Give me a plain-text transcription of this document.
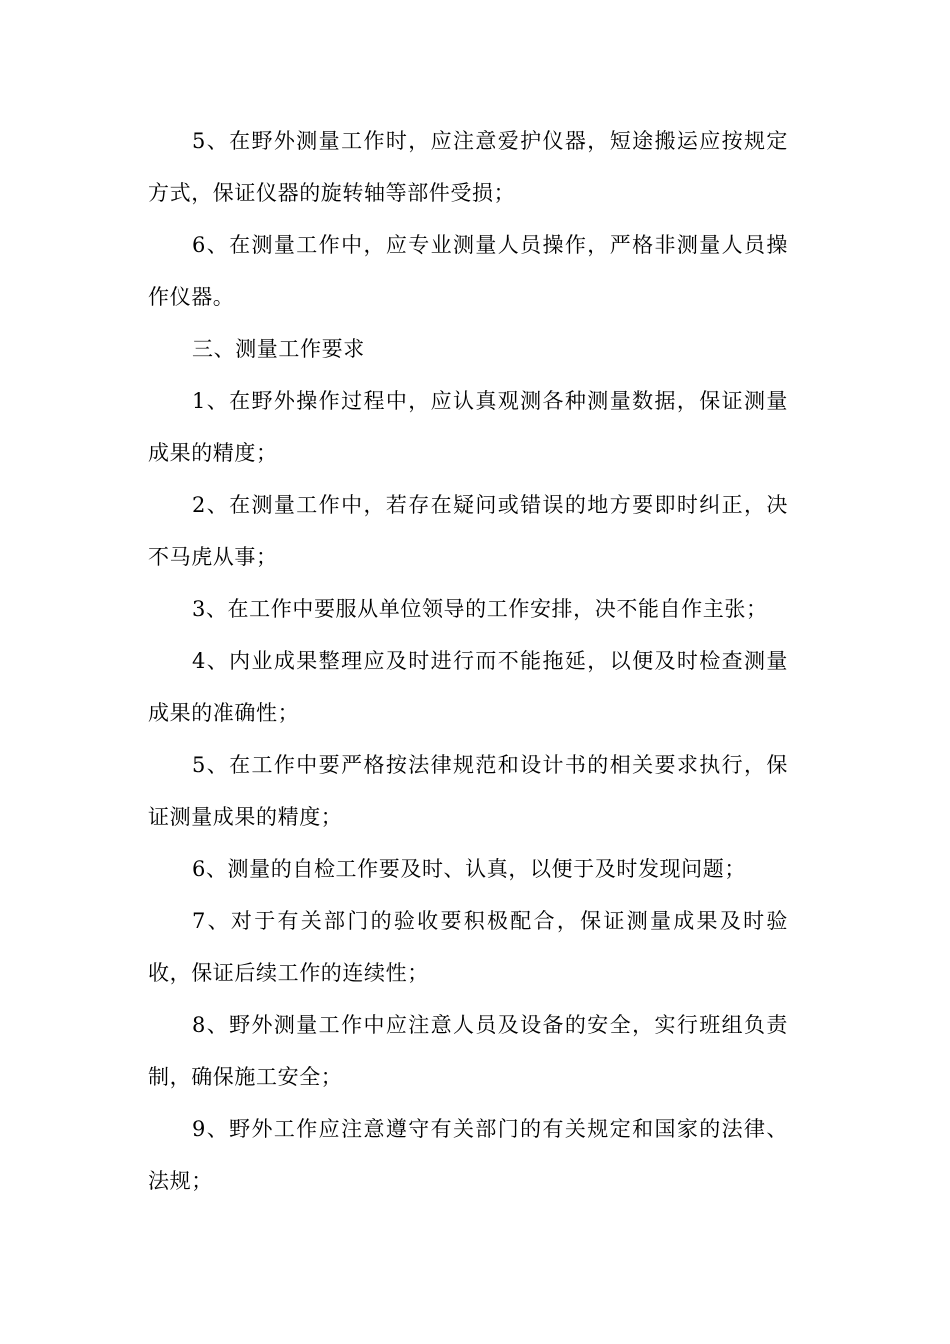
5、在野外测量工作时，应注意爱护仪器，短途搬运应按规定方式，保证仪器的旋转轴等部件受损；

6、在测量工作中，应专业测量人员操作，严格非测量人员操作仪器。

三、测量工作要求

1、在野外操作过程中，应认真观测各种测量数据，保证测量成果的精度；

2、在测量工作中，若存在疑问或错误的地方要即时纠正，决不马虎从事；

3、在工作中要服从单位领导的工作安排，决不能自作主张；

4、内业成果整理应及时进行而不能拖延，以便及时检查测量成果的准确性；

5、在工作中要严格按法律规范和设计书的相关要求执行，保证测量成果的精度；

6、测量的自检工作要及时、认真，以便于及时发现问题；

7、对于有关部门的验收要积极配合，保证测量成果及时验收，保证后续工作的连续性；

8、野外测量工作中应注意人员及设备的安全，实行班组负责制，确保施工安全；

9、野外工作应注意遵守有关部门的有关规定和国家的法律、法规；
